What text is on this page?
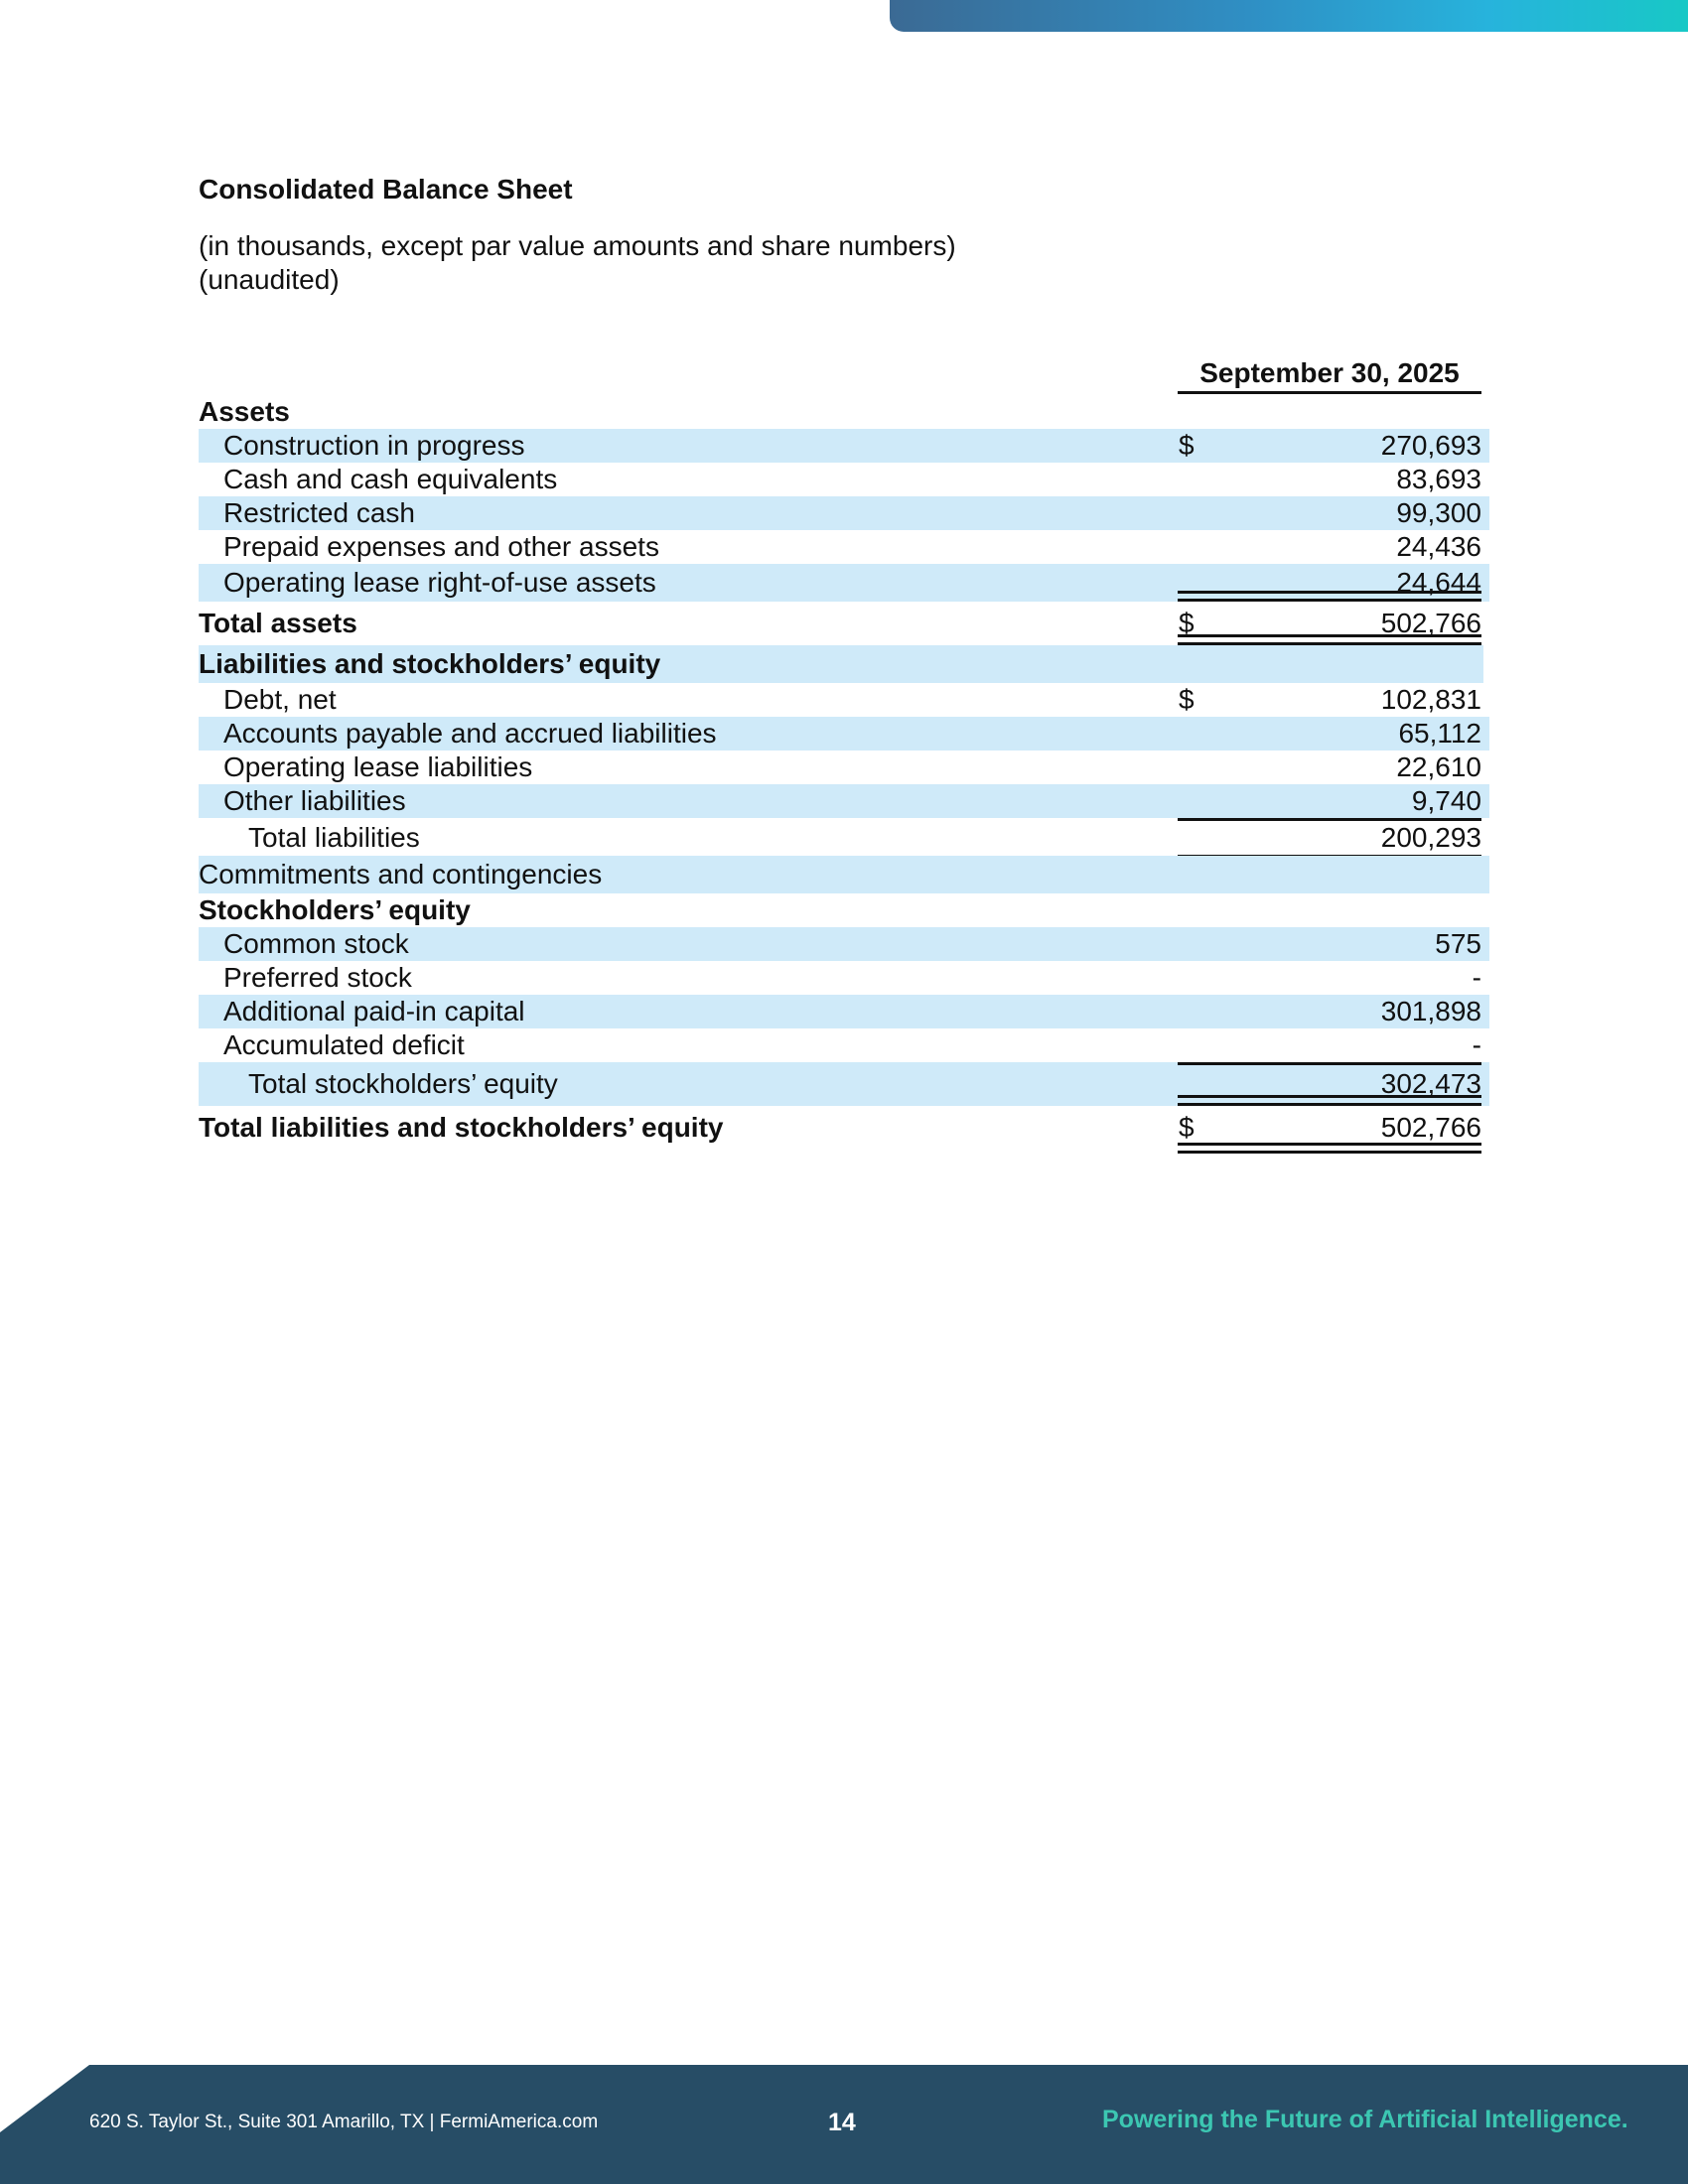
Consolidated Balance Sheet
(in thousands, except par value amounts and share numbers)
(unaudited)
September 30, 2025
Assets
Construction in progress	$	270,693
Cash and cash equivalents	83,693
Restricted cash	99,300
Prepaid expenses and other assets	24,436
Operating lease right-of-use assets	24,644
Total assets	$	502,766
Liabilities and stockholders’ equity
Debt, net	$	102,831
Accounts payable and accrued liabilities	65,112
Operating lease liabilities	22,610
Other liabilities	9,740
Total liabilities	200,293
Commitments and contingencies
Stockholders’ equity
Common stock	575
Preferred stock	-
Additional paid-in capital	301,898
Accumulated deficit	-
Total stockholders’ equity	302,473
Total liabilities and stockholders’ equity	$	502,766
620 S. Taylor St., Suite 301 Amarillo, TX | FermiAmerica.com	14	Powering the Future of Artificial Intelligence.
